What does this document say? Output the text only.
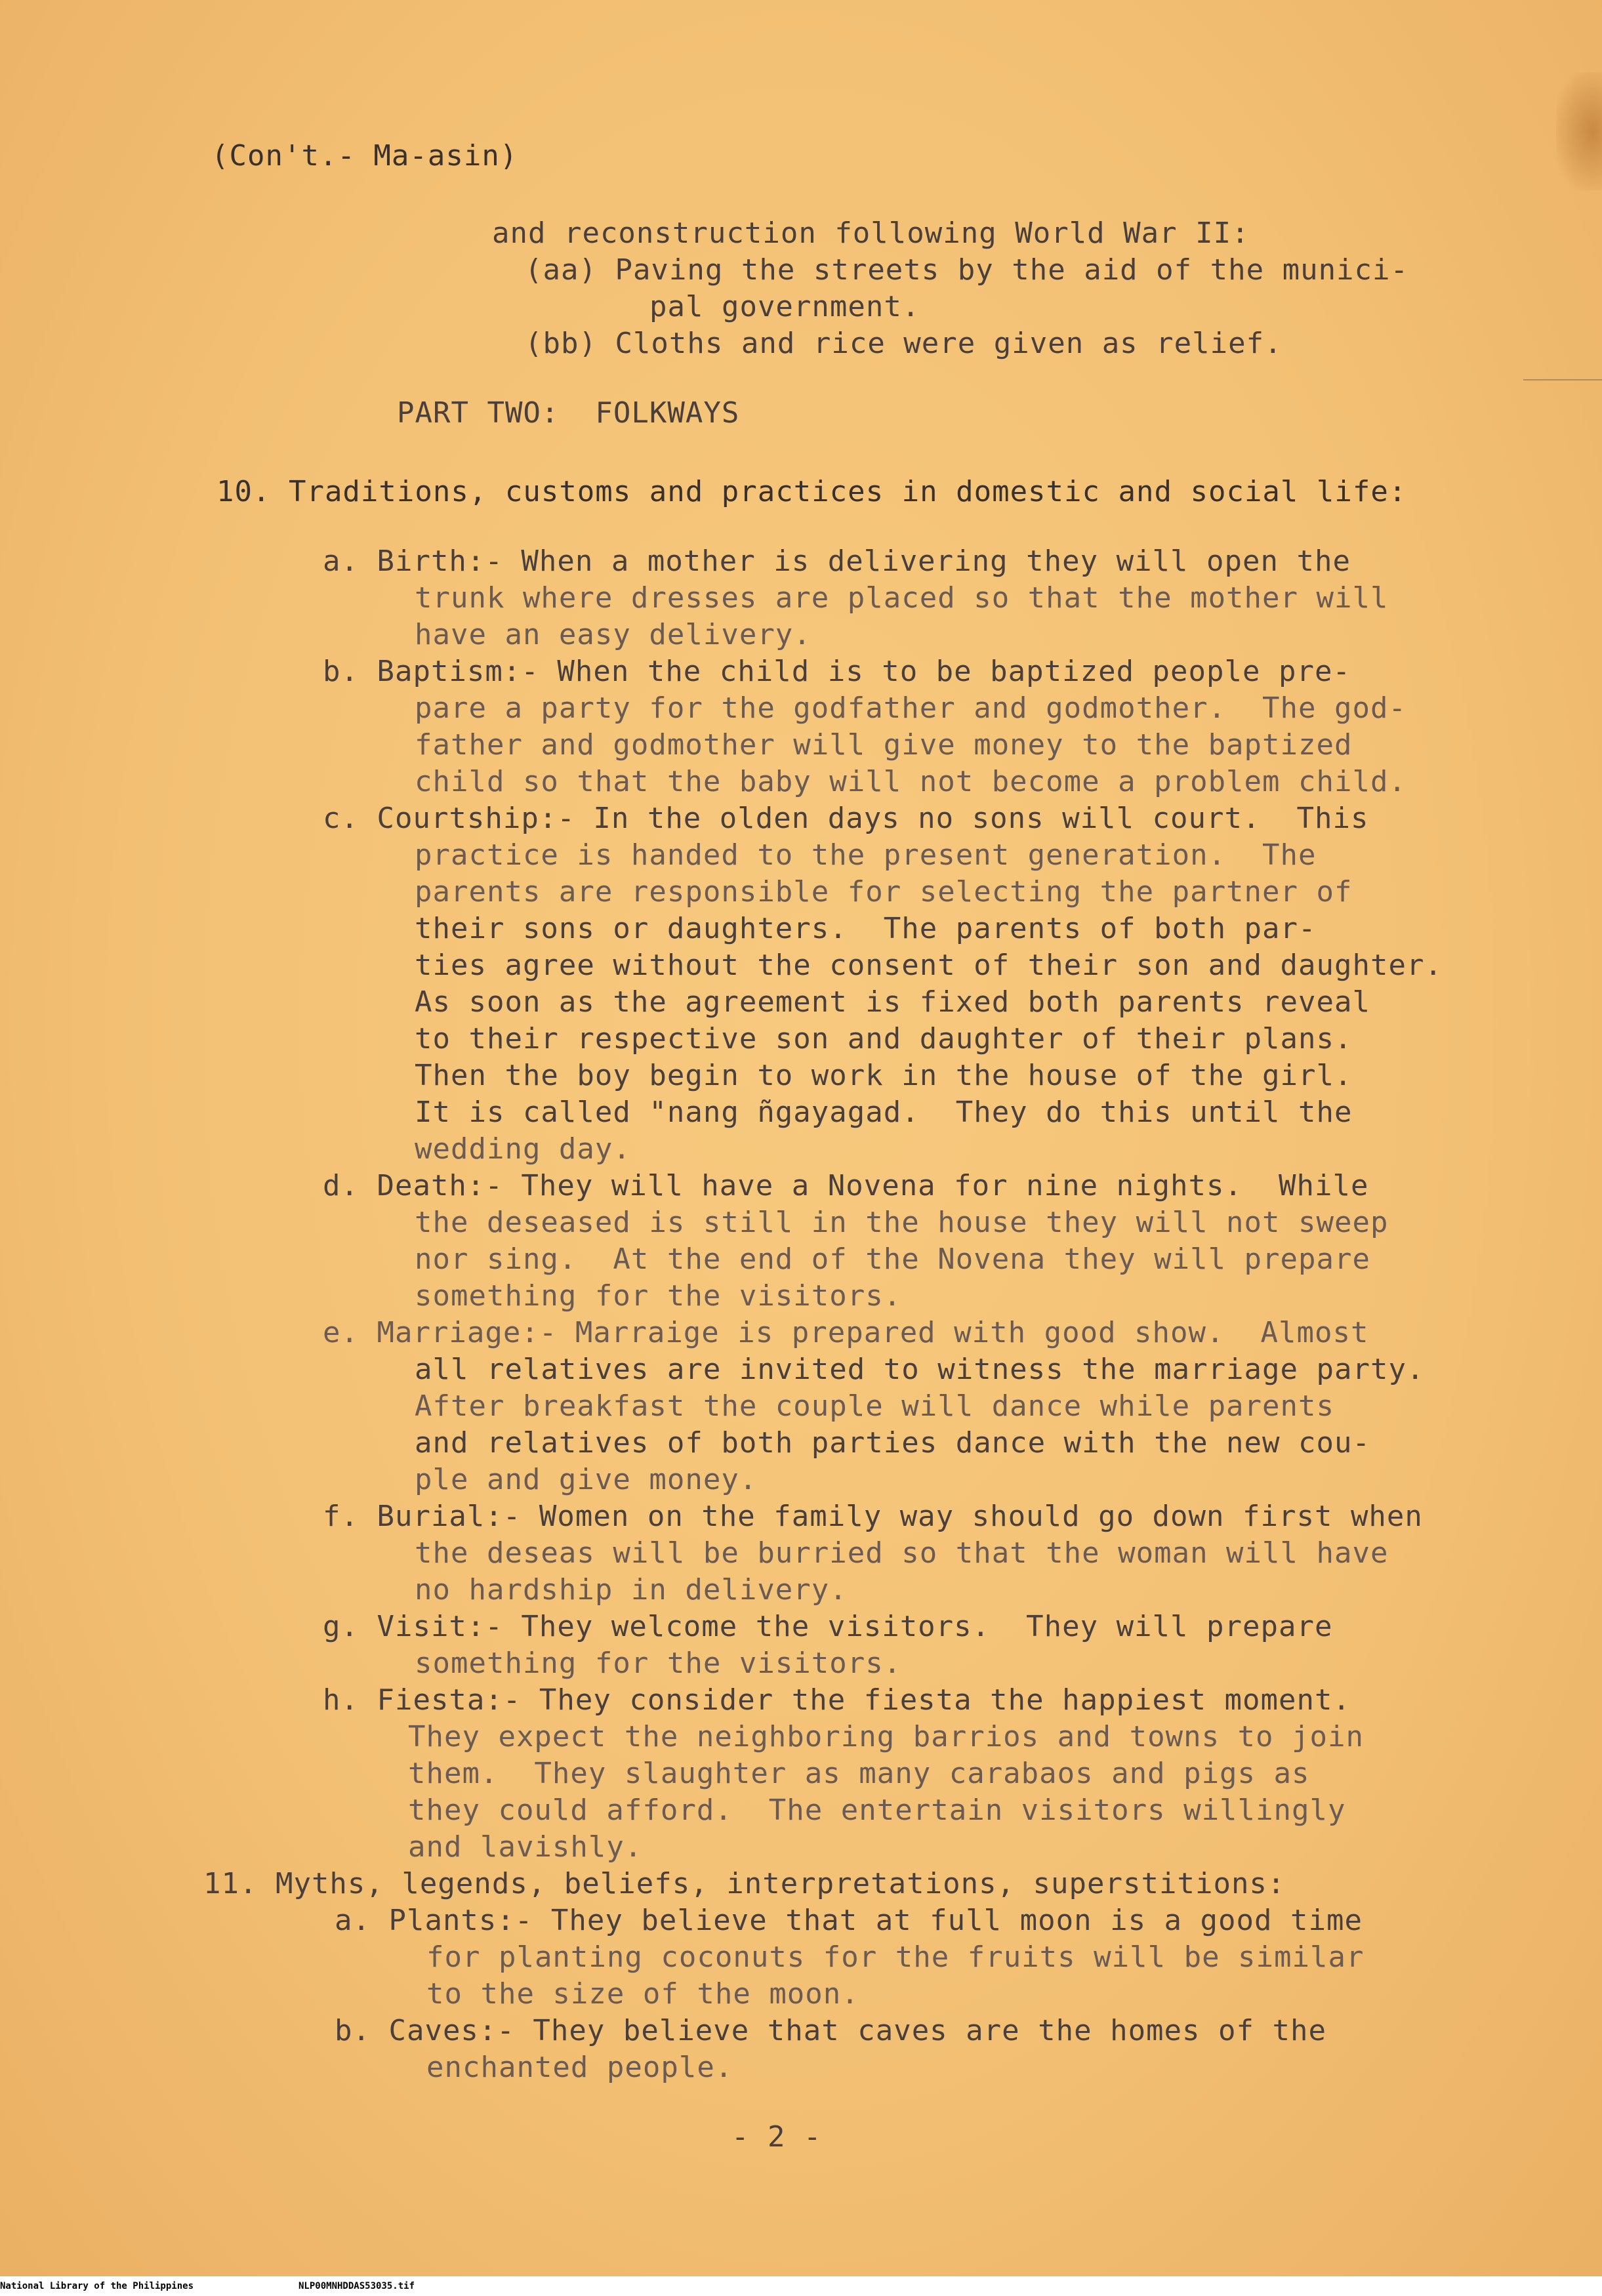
(Con't.- Ma-asin)
and reconstruction following World War II:
(aa) Paving the streets by the aid of the munici-
pal government.
(bb) Cloths and rice were given as relief.
PART TWO:  FOLKWAYS
10. Traditions, customs and practices in domestic and social life:
a. Birth:- When a mother is delivering they will open the
trunk where dresses are placed so that the mother will
have an easy delivery.
b. Baptism:- When the child is to be baptized people pre-
pare a party for the godfather and godmother.  The god-
father and godmother will give money to the baptized
child so that the baby will not become a problem child.
c. Courtship:- In the olden days no sons will court.  This
practice is handed to the present generation.  The
parents are responsible for selecting the partner of
their sons or daughters.  The parents of both par-
ties agree without the consent of their son and daughter.
As soon as the agreement is fixed both parents reveal
to their respective son and daughter of their plans.
Then the boy begin to work in the house of the girl.
It is called "nang ñgayagad.  They do this until the
wedding day.
d. Death:- They will have a Novena for nine nights.  While
the deseased is still in the house they will not sweep
nor sing.  At the end of the Novena they will prepare
something for the visitors.
e. Marriage:- Marraige is prepared with good show.  Almost
all relatives are invited to witness the marriage party.
After breakfast the couple will dance while parents
and relatives of both parties dance with the new cou-
ple and give money.
f. Burial:- Women on the family way should go down first when
the deseas will be burried so that the woman will have
no hardship in delivery.
g. Visit:- They welcome the visitors.  They will prepare
something for the visitors.
h. Fiesta:- They consider the fiesta the happiest moment.
They expect the neighboring barrios and towns to join
them.  They slaughter as many carabaos and pigs as
they could afford.  The entertain visitors willingly
and lavishly.
11. Myths, legends, beliefs, interpretations, superstitions:
a. Plants:- They believe that at full moon is a good time
for planting coconuts for the fruits will be similar
to the size of the moon.
b. Caves:- They believe that caves are the homes of the
enchanted people.
- 2 -
National Library of the Philippines	NLP00MNHDDAS53035.tif
